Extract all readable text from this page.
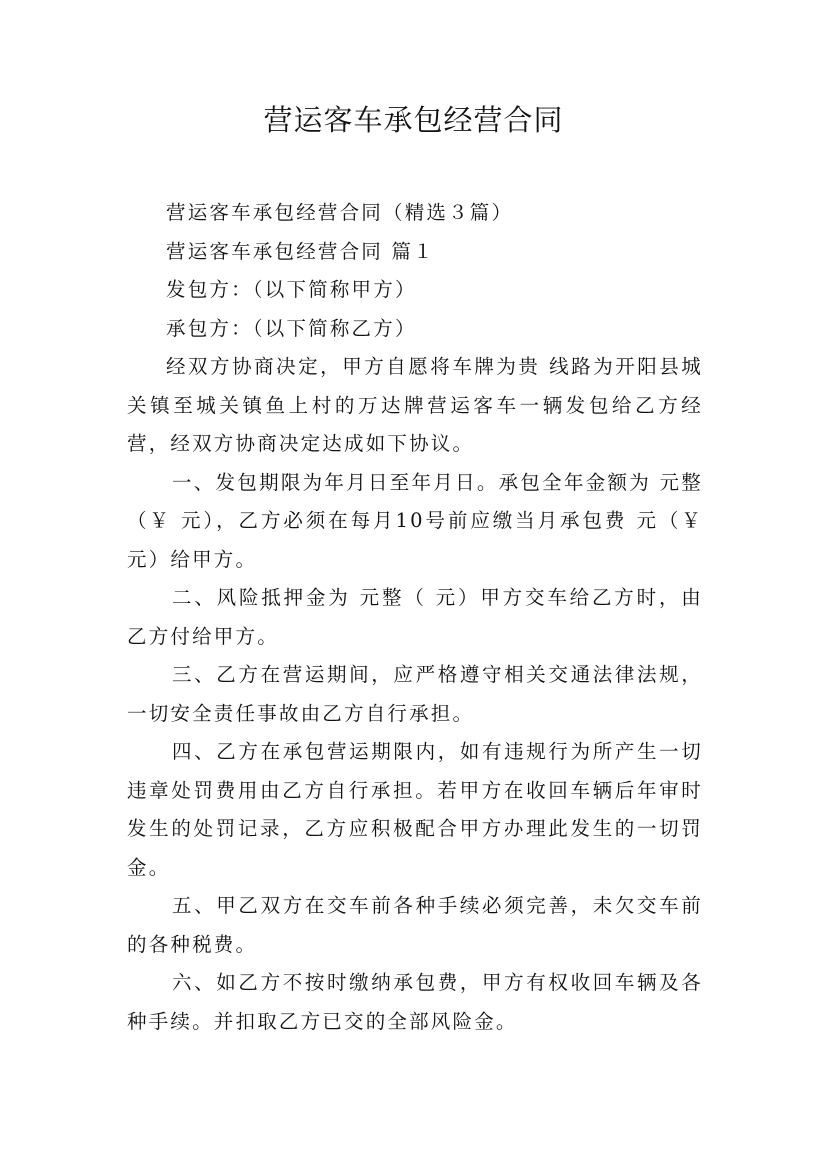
营运客车承包经营合同

营运客车承包经营合同（精选３篇）

营运客车承包经营合同 篇１

发包方：（以下简称甲方）

承包方：（以下简称乙方）

经双方协商决定，甲方自愿将车牌为贵 线路为开阳县城关镇至城关镇鱼上村的万达牌营运客车一辆发包给乙方经营，经双方协商决定达成如下协议。

一、发包期限为年月日至年月日。承包全年金额为 元整（￥ 元），乙方必须在每月10号前应缴当月承包费 元（￥ 元）给甲方。

二、风险抵押金为 元整（ 元）甲方交车给乙方时，由乙方付给甲方。

三、乙方在营运期间，应严格遵守相关交通法律法规，一切安全责任事故由乙方自行承担。

四、乙方在承包营运期限内，如有违规行为所产生一切违章处罚费用由乙方自行承担。若甲方在收回车辆后年审时发生的处罚记录，乙方应积极配合甲方办理此发生的一切罚金。

五、甲乙双方在交车前各种手续必须完善，未欠交车前的各种税费。

六、如乙方不按时缴纳承包费，甲方有权收回车辆及各种手续。并扣取乙方已交的全部风险金。
